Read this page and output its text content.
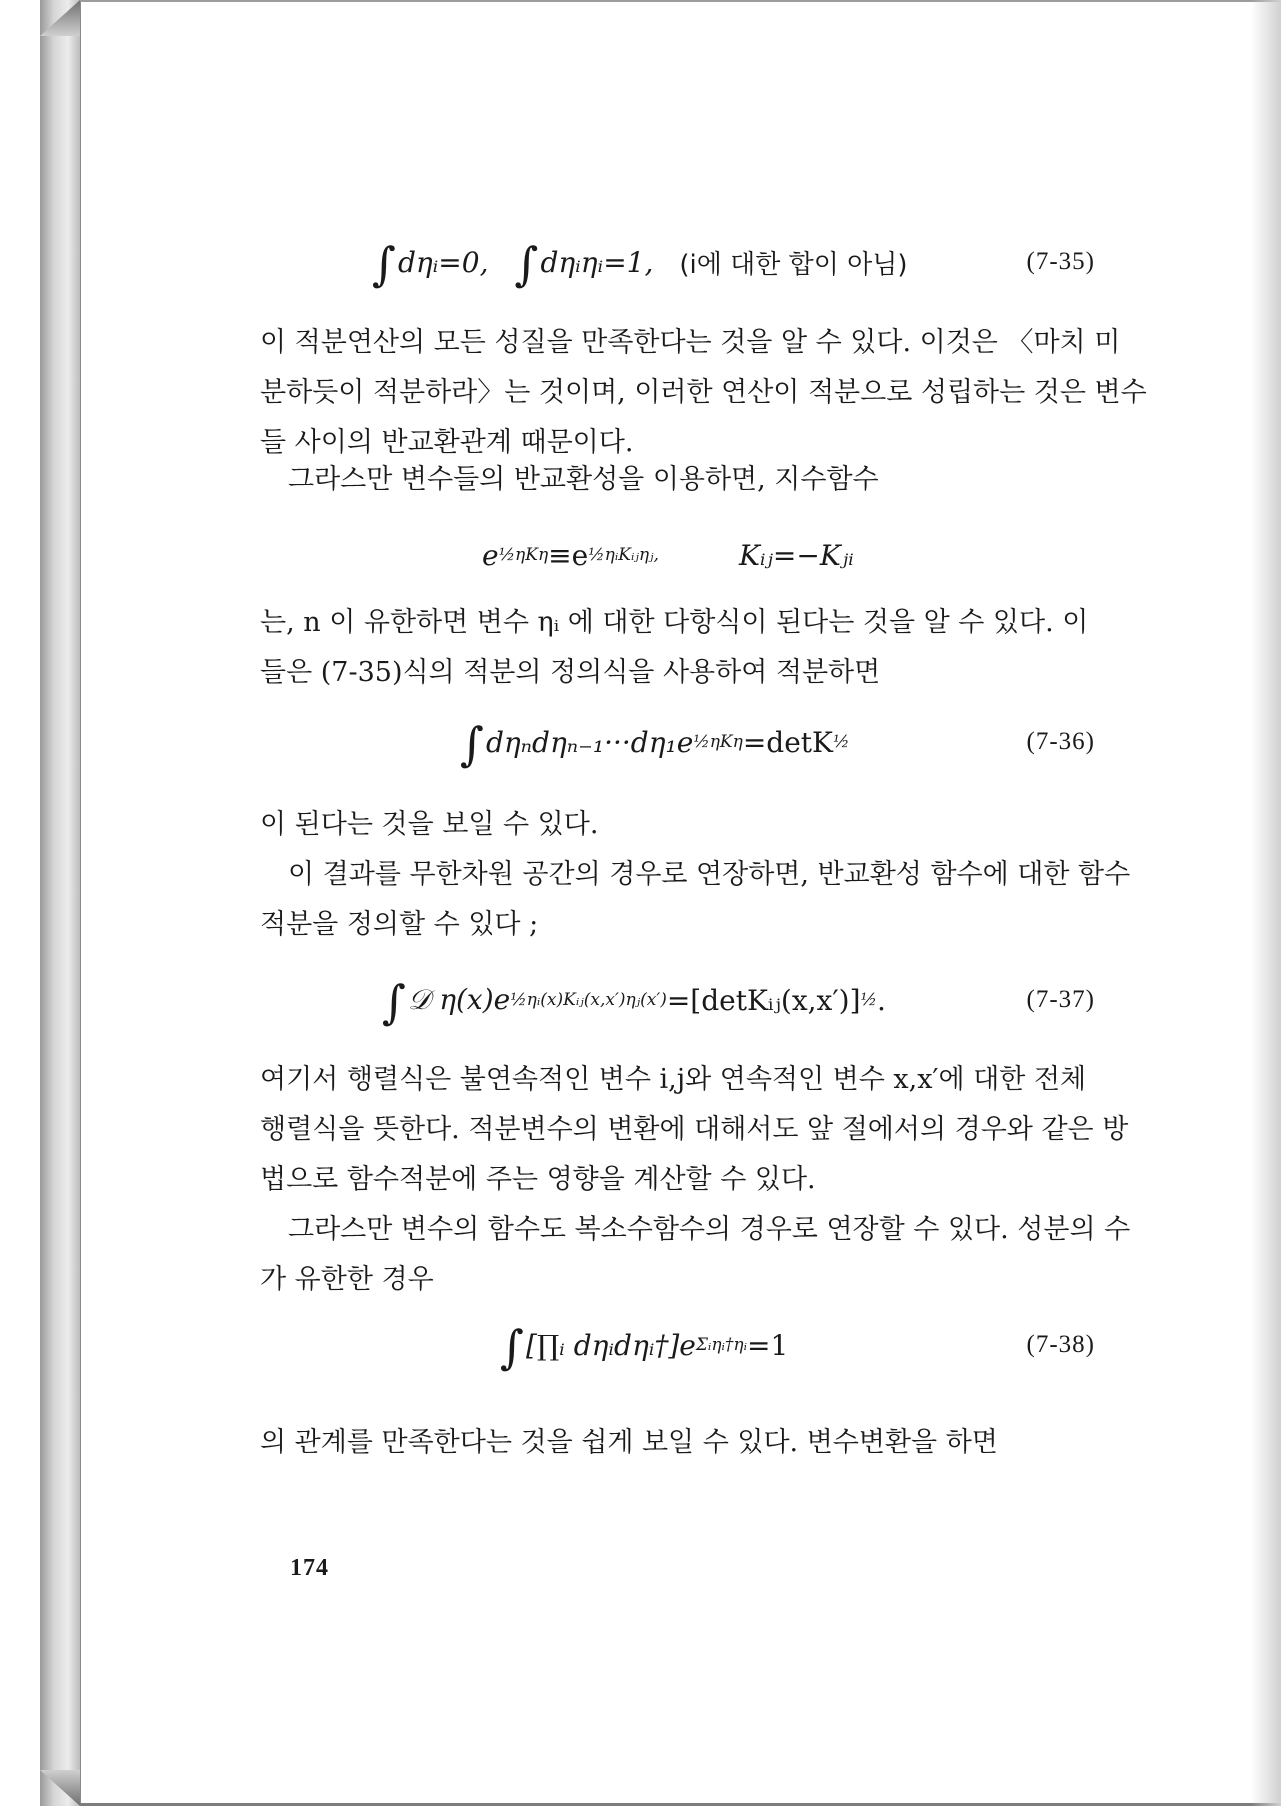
∫ dηᵢ=0, ∫ dηᵢηᵢ=1, (i에 대한 합이 아님)	(7-35)
이 적분연산의 모든 성질을 만족한다는 것을 알 수 있다. 이것은 〈마치 미
분하듯이 적분하라〉는 것이며, 이러한 연산이 적분으로 성립하는 것은 변수
들 사이의 반교환관계 때문이다.
그라스만 변수들의 반교환성을 이용하면, 지수함수
e ½ηKη ≡e ½ηᵢKᵢⱼηⱼ,	Kᵢⱼ=−Kⱼᵢ
는, n 이 유한하면 변수 ηᵢ 에 대한 다항식이 된다는 것을 알 수 있다. 이
들은 (7-35)식의 적분의 정의식을 사용하여 적분하면
∫ dηₙdηₙ₋₁···dη₁e ½ηKη =detK ½	(7-36)
이 된다는 것을 보일 수 있다.
이 결과를 무한차원 공간의 경우로 연장하면, 반교환성 함수에 대한 함수
적분을 정의할 수 있다 ;
∫ 𝒟 η(x)e ½ηᵢ(x)Kᵢⱼ(x,x′)ηⱼ(x′) =[detKᵢⱼ(x,x′)] ½ .	(7-37)
여기서 행렬식은 불연속적인 변수 i,j와 연속적인 변수 x,x′에 대한 전체
행렬식을 뜻한다. 적분변수의 변환에 대해서도 앞 절에서의 경우와 같은 방
법으로 함수적분에 주는 영향을 계산할 수 있다.
그라스만 변수의 함수도 복소수함수의 경우로 연장할 수 있다. 성분의 수
가 유한한 경우
∫ [∏ᵢ dηᵢdηᵢ†]e Σᵢηᵢ†ηᵢ =1	(7-38)
의 관계를 만족한다는 것을 쉽게 보일 수 있다. 변수변환을 하면
174
